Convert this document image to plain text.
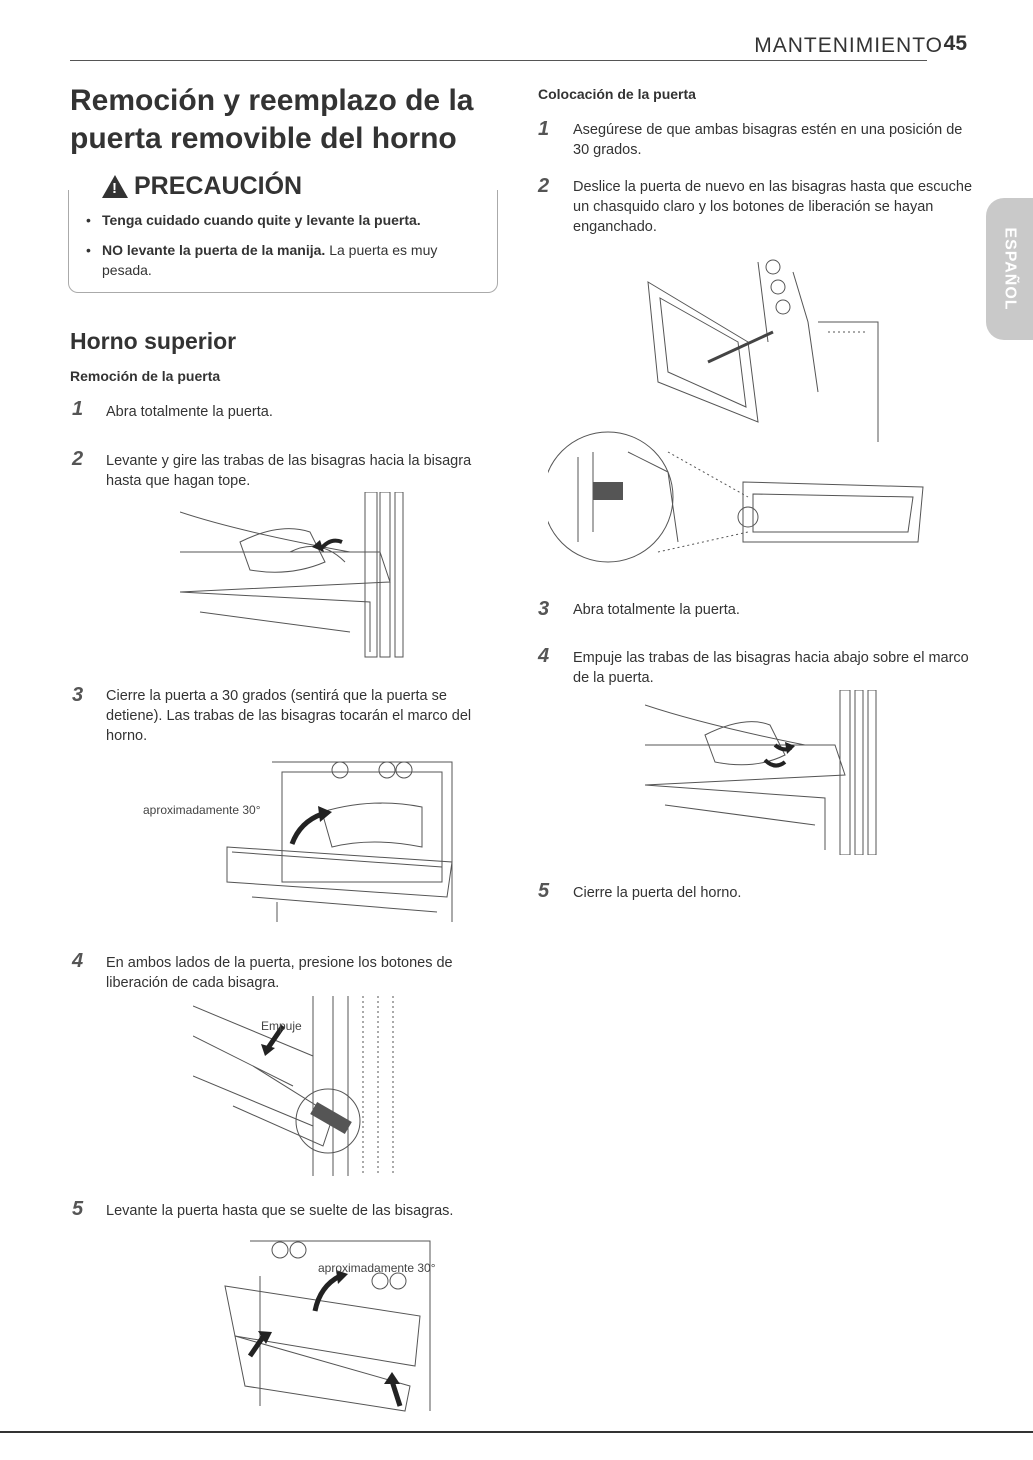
MANTENIMIENTO 45
Remoción y reemplazo de la
puerta removible del horno
! PRECAUCIÓN
• Tenga cuidado cuando quite y levante la puerta.
• NO levante la puerta de la manija. La puerta es muy pesada.
Horno superior
Remoción de la puerta
1 Abra totalmente la puerta.
2 Levante y gire las trabas de las bisagras hacia la bisagra hasta que hagan tope.
3 Cierre la puerta a 30 grados (sentirá que la puerta se detiene). Las trabas de las bisagras tocarán el marco del horno.
aproximadamente 30°
4 En ambos lados de la puerta, presione los botones de liberación de cada bisagra.
Empuje
5 Levante la puerta hasta que se suelte de las bisagras.
aproximadamente 30°
Colocación de la puerta
1 Asegúrese de que ambas bisagras estén en una posición de 30 grados.
2 Deslice la puerta de nuevo en las bisagras hasta que escuche un chasquido claro y los botones de liberación se hayan enganchado.
3 Abra totalmente la puerta.
4 Empuje las trabas de las bisagras hacia abajo sobre el marco de la puerta.
5 Cierre la puerta del horno.
ESPAÑOL
